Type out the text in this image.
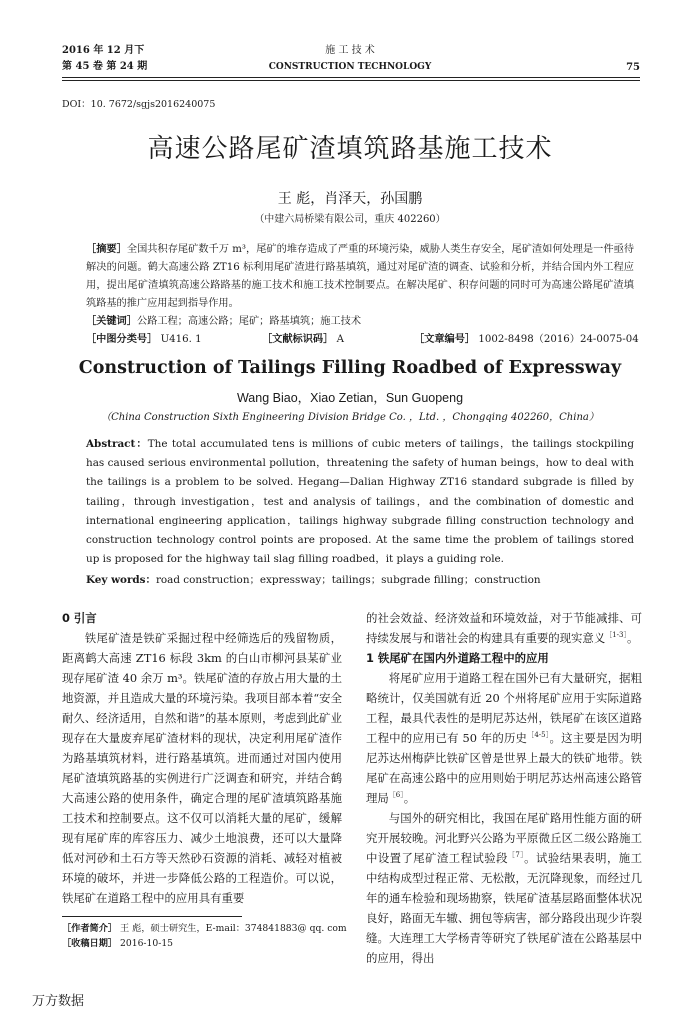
2016 年 12 月下
第 45 卷 第 24 期
施 工 技 术
CONSTRUCTION TECHNOLOGY	75
DOI：10. 7672/sgjs2016240075
高速公路尾矿渣填筑路基施工技术
王 彪，肖泽天，孙国鹏
（中建六局桥梁有限公司，重庆 402260）
［摘要］全国共积存尾矿数千万 m³，尾矿的堆存造成了严重的环境污染，威胁人类生存安全，尾矿渣如何处理是一件亟待解决的问题。鹤大高速公路 ZT16 标利用尾矿渣进行路基填筑，通过对尾矿渣的调查、试验和分析，并结合国内外工程应用，提出尾矿渣填筑高速公路路基的施工技术和施工技术控制要点。在解决尾矿、积存问题的同时可为高速公路尾矿渣填筑路基的推广应用起到指导作用。
［关键词］公路工程；高速公路；尾矿；路基填筑；施工技术
［中图分类号］ U416. 1	［文献标识码］ A	［文章编号］ 1002-8498（2016）24-0075-04
Construction of Tailings Filling Roadbed of Expressway
Wang Biao，Xiao Zetian，Sun Guopeng
（China Construction Sixth Engineering Division Bridge Co. ，Ltd. ，Chongqing 402260，China）
Abstract：The total accumulated tens is millions of cubic meters of tailings，the tailings stockpiling has caused serious environmental pollution，threatening the safety of human beings，how to deal with the tailings is a problem to be solved. Hegang—Dalian Highway ZT16 standard subgrade is filled by tailing，through investigation，test and analysis of tailings，and the combination of domestic and international engineering application，tailings highway subgrade filling construction technology and construction technology control points are proposed. At the same time the problem of tailings stored up is proposed for the highway tail slag filling roadbed，it plays a guiding role.
Key words：road construction；expressway；tailings；subgrade filling；construction
0 引言

铁尾矿渣是铁矿采掘过程中经筛选后的残留物质，距离鹤大高速 ZT16 标段 3km 的白山市柳河县某矿业现存尾矿渣 40 余万 m³。铁尾矿渣的存放占用大量的土地资源，并且造成大量的环境污染。我项目部本着“安全耐久、经济适用，自然和谐”的基本原则，考虑到此矿业现存在大量废弃尾矿渣材料的现状，决定利用尾矿渣作为路基填筑材料，进行路基填筑。进而通过对国内使用尾矿渣填筑路基的实例进行广泛调查和研究，并结合鹤大高速公路的使用条件，确定合理的尾矿渣填筑路基施工技术和控制要点。这不仅可以消耗大量的尾矿，缓解现有尾矿库的库容压力、减少土地浪费，还可以大量降低对河砂和土石方等天然砂石资源的消耗、减轻对植被环境的破坏，并进一步降低公路的工程造价。可以说，铁尾矿在道路工程中的应用具有重要

［作者简介］ 王 彪，硕士研究生，E-mail：374841883@ qq. com
［收稿日期］ 2016-10-15
的社会效益、经济效益和环境效益，对于节能减排、可持续发展与和谐社会的构建具有重要的现实意义$^{[1-3]}$。
1 铁尾矿在国内外道路工程中的应用

将尾矿应用于道路工程在国外已有大量研究，据粗略统计，仅美国就有近 20 个州将尾矿应用于实际道路工程，最具代表性的是明尼苏达州，铁尾矿在该区道路工程中的应用已有 50 年的历史$^{[4-5]}$。这主要是因为明尼苏达州梅萨比铁矿区曾是世界上最大的铁矿地带。铁尾矿在高速公路中的应用则始于明尼苏达州高速公路管理局$^{[6]}$。

与国外的研究相比，我国在尾矿路用性能方面的研究开展较晚。河北野兴公路为平原微丘区二级公路施工中设置了尾矿渣工程试验段$^{[7]}$。试验结果表明，施工中结构成型过程正常、无松散，无沉降现象，而经过几年的通车检验和现场勘察，铁尾矿渣基层路面整体状况良好，路面无车辙、拥包等病害，部分路段出现少许裂缝。大连理工大学杨青等研究了铁尾矿渣在公路基层中的应用，得出

万方数据
